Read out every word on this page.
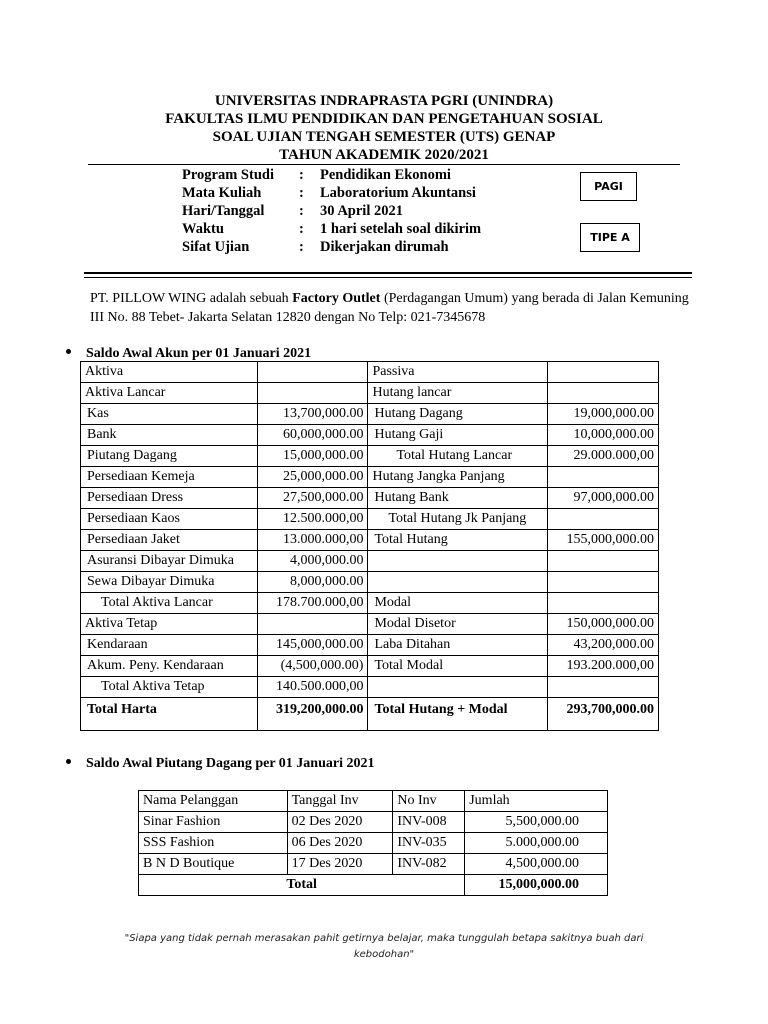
UNIVERSITAS INDRAPRASTA PGRI (UNINDRA)
FAKULTAS ILMU PENDIDIKAN DAN PENGETAHUAN SOSIAL
SOAL UJIAN TENGAH SEMESTER (UTS) GENAP
TAHUN AKADEMIK 2020/2021
Program Studi : Pendidikan Ekonomi
Mata Kuliah	: Laboratorium Akuntansi
Hari/Tanggal : 30 April 2021
Waktu	: 1 hari setelah soal dikirim
Sifat Ujian	: Dikerjakan dirumah
PAGI
TIPE A
PT. PILLOW WING adalah sebuah Factory Outlet (Perdagangan Umum) yang berada di Jalan Kemuning III No. 88 Tebet- Jakarta Selatan 12820 dengan No Telp: 021-7345678
Saldo Awal Akun per 01 Januari 2021
Aktiva		Passiva	
Aktiva Lancar		Hutang lancar	
Kas	13,700,000.00	Hutang Dagang	19,000,000.00
Bank	60,000,000.00	Hutang Gaji	10,000,000.00
Piutang Dagang	15,000,000.00	Total Hutang Lancar	29.000.000,00
Persediaan Kemeja	25,000,000.00	Hutang Jangka Panjang	
Persediaan Dress	27,500,000.00	Hutang Bank	97,000,000.00
Persediaan Kaos	12.500.000,00	Total Hutang Jk Panjang	
Persediaan Jaket	13.000.000,00	Total Hutang	155,000,000.00
Asuransi Dibayar Dimuka	4,000,000.00		
Sewa Dibayar Dimuka	8,000,000.00		
Total Aktiva Lancar	178.700.000,00	Modal	
Aktiva Tetap		Modal Disetor	150,000,000.00
Kendaraan	145,000,000.00	Laba Ditahan	43,200,000.00
Akum. Peny. Kendaraan	(4,500,000.00)	Total Modal	193.200.000,00
Total Aktiva Tetap	140.500.000,00		
Total Harta	319,200,000.00	Total Hutang + Modal	293,700,000.00
Saldo Awal Piutang Dagang per 01 Januari 2021
Nama Pelanggan	Tanggal Inv	No Inv	Jumlah
Sinar Fashion	02 Des 2020	INV-008	5,500,000.00
SSS Fashion	06 Des 2020	INV-035	5.000,000.00
B N D Boutique	17 Des 2020	INV-082	4,500,000.00
Total			15,000,000.00
"Siapa yang tidak pernah merasakan pahit getirnya belajar, maka tunggulah betapa sakitnya buah dari
kebodohan"
